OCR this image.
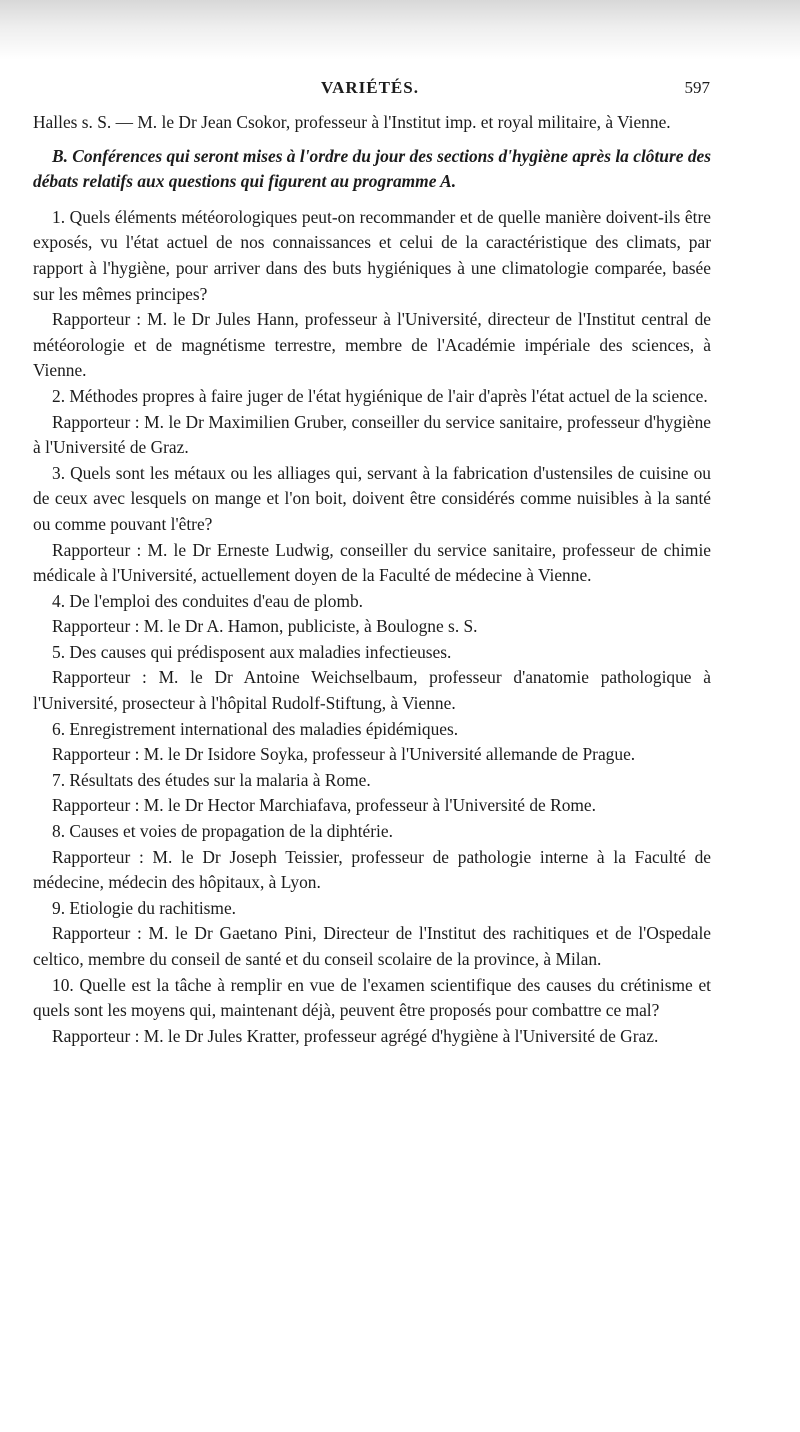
VARIÉTÉS.	597

Halles s. S. — M. le Dr Jean Csokor, professeur à l'Institut imp. et royal militaire, à Vienne.

B. Conférences qui seront mises à l'ordre du jour des sections d'hygiène après la clôture des débats relatifs aux questions qui figurent au programme A.

1. Quels éléments météorologiques peut-on recommander et de quelle manière doivent-ils être exposés, vu l'état actuel de nos connaissances et celui de la caractéristique des climats, par rapport à l'hygiène, pour arriver dans des buts hygiéniques à une climatologie comparée, basée sur les mêmes principes?

Rapporteur : M. le Dr Jules Hann, professeur à l'Université, directeur de l'Institut central de météorologie et de magnétisme terrestre, membre de l'Académie impériale des sciences, à Vienne.

2. Méthodes propres à faire juger de l'état hygiénique de l'air d'après l'état actuel de la science.

Rapporteur : M. le Dr Maximilien Gruber, conseiller du service sanitaire, professeur d'hygiène à l'Université de Graz.

3. Quels sont les métaux ou les alliages qui, servant à la fabrication d'ustensiles de cuisine ou de ceux avec lesquels on mange et l'on boit, doivent être considérés comme nuisibles à la santé ou comme pouvant l'être?

Rapporteur : M. le Dr Erneste Ludwig, conseiller du service sanitaire, professeur de chimie médicale à l'Université, actuellement doyen de la Faculté de médecine à Vienne.

4. De l'emploi des conduites d'eau de plomb.

Rapporteur : M. le Dr A. Hamon, publiciste, à Boulogne s. S.

5. Des causes qui prédisposent aux maladies infectieuses.

Rapporteur : M. le Dr Antoine Weichselbaum, professeur d'anatomie pathologique à l'Université, prosecteur à l'hôpital Rudolf-Stiftung, à Vienne.

6. Enregistrement international des maladies épidémiques.

Rapporteur : M. le Dr Isidore Soyka, professeur à l'Université allemande de Prague.

7. Résultats des études sur la malaria à Rome.

Rapporteur : M. le Dr Hector Marchiafava, professeur à l'Université de Rome.

8. Causes et voies de propagation de la diphtérie.

Rapporteur : M. le Dr Joseph Teissier, professeur de pathologie interne à la Faculté de médecine, médecin des hôpitaux, à Lyon.

9. Etiologie du rachitisme.

Rapporteur : M. le Dr Gaetano Pini, Directeur de l'Institut des rachitiques et de l'Ospedale celtico, membre du conseil de santé et du conseil scolaire de la province, à Milan.

10. Quelle est la tâche à remplir en vue de l'examen scientifique des causes du crétinisme et quels sont les moyens qui, maintenant déjà, peuvent être proposés pour combattre ce mal?

Rapporteur : M. le Dr Jules Kratter, professeur agrégé d'hygiène à l'Université de Graz.
